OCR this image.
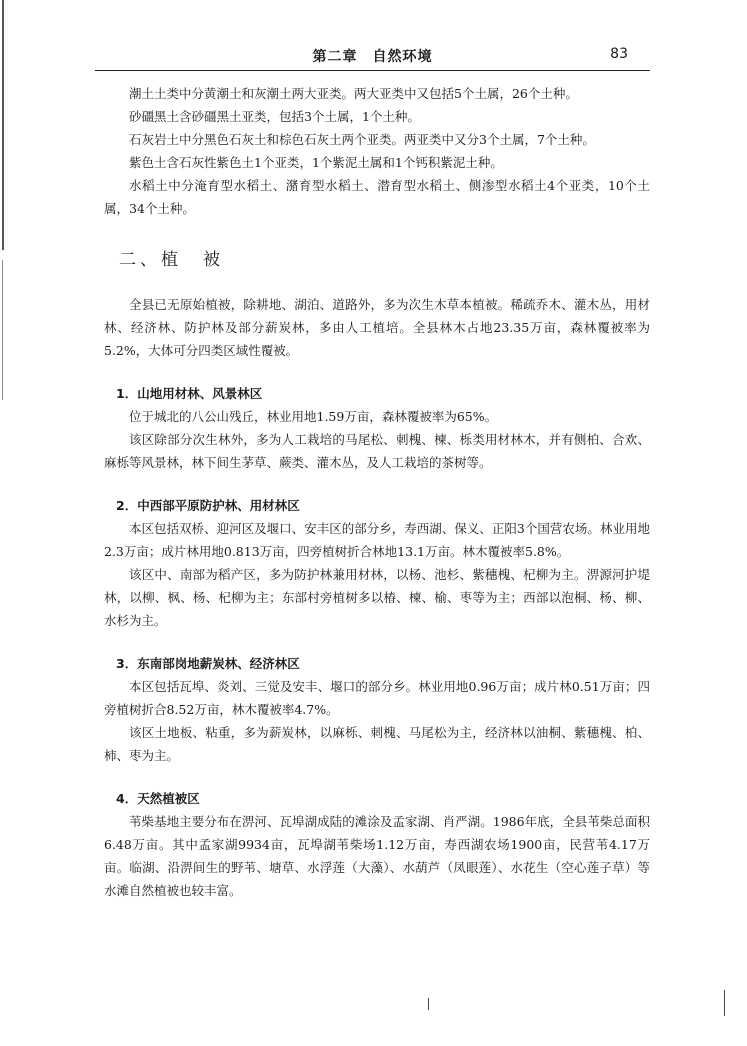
第二章　自然环境	83

潮土土类中分黄潮土和灰潮土两大亚类。两大亚类中又包括5个土属，26个土种。

砂礓黑土含砂礓黑土亚类，包括3个土属，1个土种。

石灰岩土中分黑色石灰土和棕色石灰土两个亚类。两亚类中又分3个土属，7个土种。

紫色土含石灰性紫色土1个亚类，1个紫泥土属和1个钙积紫泥土种。

水稻土中分淹育型水稻土、潴育型水稻土、潜育型水稻土、侧渗型水稻土4个亚类，10个土属，34个土种。

二、植　被

全县已无原始植被，除耕地、湖泊、道路外，多为次生木草本植被。稀疏乔木、灌木丛，用材林、经济林、防护林及部分薪炭林，多由人工植培。全县林木占地23.35万亩，森林覆被率为5.2%，大体可分四类区域性覆被。

1．山地用材林、风景林区

位于城北的八公山残丘，林业用地1.59万亩，森林覆被率为65%。

该区除部分次生林外，多为人工栽培的马尾松、刺槐、楝、栎类用材林木，并有侧柏、合欢、麻栎等风景林，林下间生茅草、蕨类、灌木丛，及人工栽培的茶树等。

2．中西部平原防护林、用材林区

本区包括双桥、迎河区及堰口、安丰区的部分乡，寿西湖、保义、正阳3个国营农场。林业用地2.3万亩；成片林用地0.813万亩，四旁植树折合林地13.1万亩。林木覆被率5.8%。

该区中、南部为稻产区，多为防护林兼用材林，以杨、池杉、紫穗槐、杞柳为主。淠源河护堤林，以柳、枫、杨、杞柳为主；东部村旁植树多以椿、楝、榆、枣等为主；西部以泡桐、杨、柳、水杉为主。

3．东南部岗地薪炭林、经济林区

本区包括瓦埠、炎刘、三觉及安丰、堰口的部分乡。林业用地0.96万亩；成片林0.51万亩；四旁植树折合8.52万亩，林木覆被率4.7%。

该区土地板、粘重，多为薪炭林，以麻栎、刺槐、马尾松为主，经济林以油桐、紫穗槐、柏、柿、枣为主。

4．天然植被区

苇柴基地主要分布在淠河、瓦埠湖成陆的滩涂及孟家湖、肖严湖。1986年底，全县苇柴总面积6.48万亩。其中孟家湖9934亩，瓦埠湖苇柴场1.12万亩，寿西湖农场1900亩，民营苇4.17万亩。临湖、沿淠间生的野苇、塘草、水浮莲（大藻）、水葫芦（凤眼莲）、水花生（空心莲子草）等水滩自然植被也较丰富。
